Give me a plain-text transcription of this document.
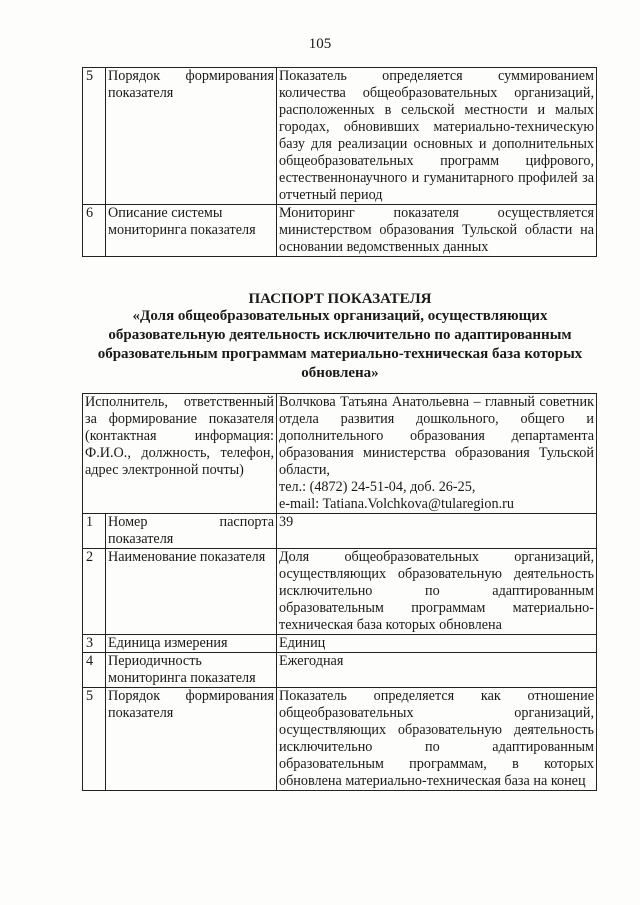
105
5	Порядок формирования показателя	Показатель определяется суммированием количества общеобразовательных организаций, расположенных в сельской местности и малых городах, обновивших материально-техническую базу для реализации основных и дополнительных общеобразовательных программ цифрового, естественнонаучного и гуманитарного профилей за отчетный период
6	Описание системы мониторинга показателя	Мониторинг показателя осуществляется министерством образования Тульской области на основании ведомственных данных
ПАСПОРТ ПОКАЗАТЕЛЯ
«Доля общеобразовательных организаций, осуществляющих образовательную деятельность исключительно по адаптированным образовательным программам материально-техническая база которых обновлена»
Исполнитель, ответственный за формирование показателя (контактная информация: Ф.И.О., должность, телефон, адрес электронной почты)		Волчкова Татьяна Анатольевна – главный советник отдела развития дошкольного, общего и дополнительного образования департамента образования министерства образования Тульской области,
тел.: (4872) 24-51-04, доб. 26-25,
e-mail: Tatiana.Volchkova@tularegion.ru

1	Номер паспорта показателя	39
2	Наименование показателя	Доля общеобразовательных организаций, осуществляющих образовательную деятельность исключительно по адаптированным образовательным программам материально-техническая база которых обновлена
3	Единица измерения	Единиц
4	Периодичность мониторинга показателя	Ежегодная
5	Порядок формирования показателя	Показатель определяется как отношение общеобразовательных организаций, осуществляющих образовательную деятельность исключительно по адаптированным образовательным программам, в которых обновлена материально-техническая база на конец
